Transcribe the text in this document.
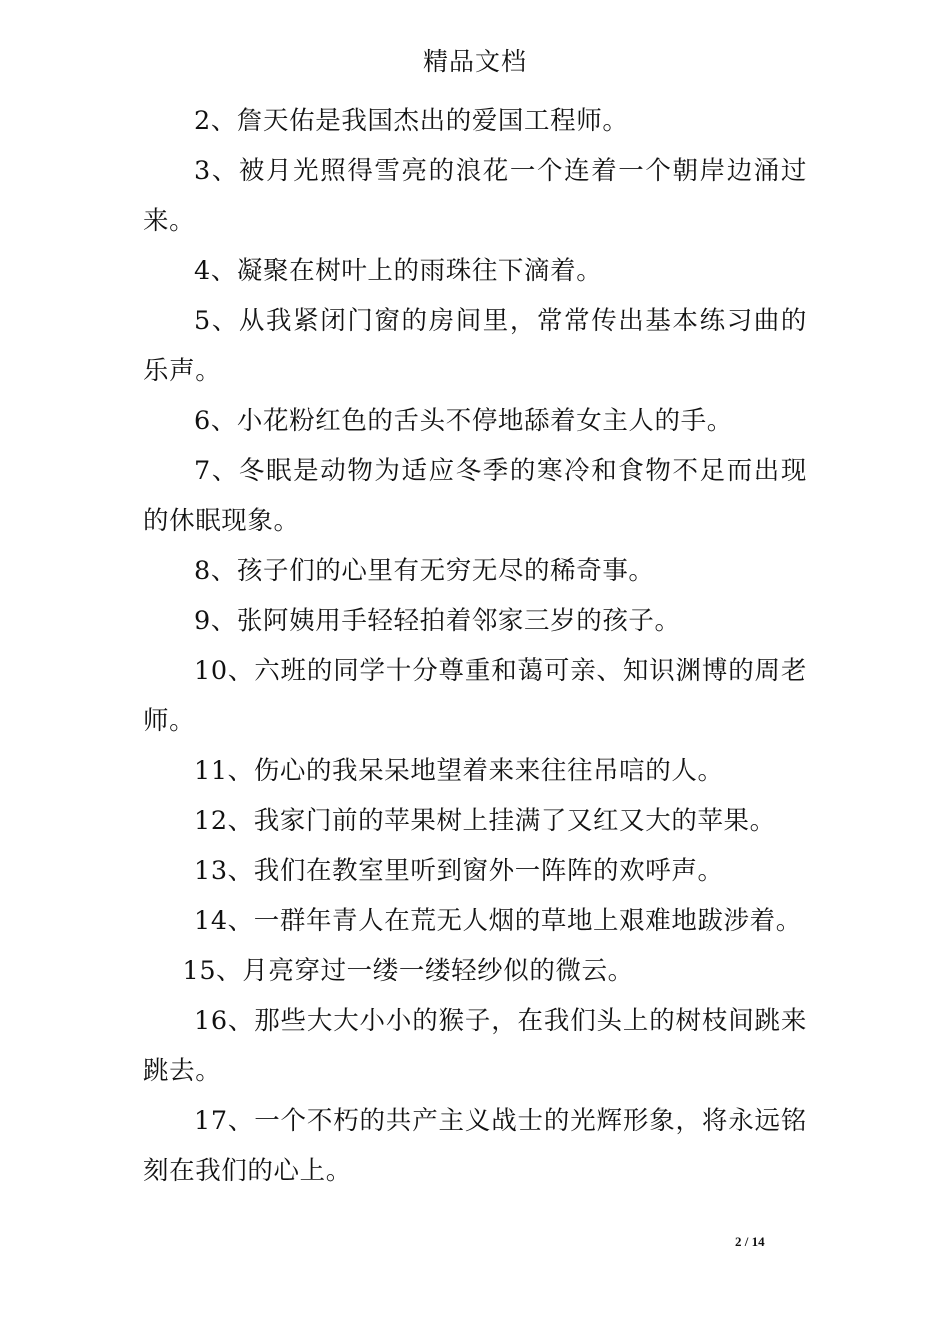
精品文档

2、詹天佑是我国杰出的爱国工程师。

3、被月光照得雪亮的浪花一个连着一个朝岸边涌过来。

4、凝聚在树叶上的雨珠往下滴着。

5、从我紧闭门窗的房间里，常常传出基本练习曲的乐声。

6、小花粉红色的舌头不停地舔着女主人的手。

7、冬眠是动物为适应冬季的寒冷和食物不足而出现的休眠现象。

8、孩子们的心里有无穷无尽的稀奇事。

9、张阿姨用手轻轻拍着邻家三岁的孩子。

10、六班的同学十分尊重和蔼可亲、知识渊博的周老师。

11、伤心的我呆呆地望着来来往往吊唁的人。

12、我家门前的苹果树上挂满了又红又大的苹果。

13、我们在教室里听到窗外一阵阵的欢呼声。

14、一群年青人在荒无人烟的草地上艰难地跋涉着。

15、月亮穿过一缕一缕轻纱似的微云。

16、那些大大小小的猴子，在我们头上的树枝间跳来跳去。

17、一个不朽的共产主义战士的光辉形象，将永远铭刻在我们的心上。

2 / 14
